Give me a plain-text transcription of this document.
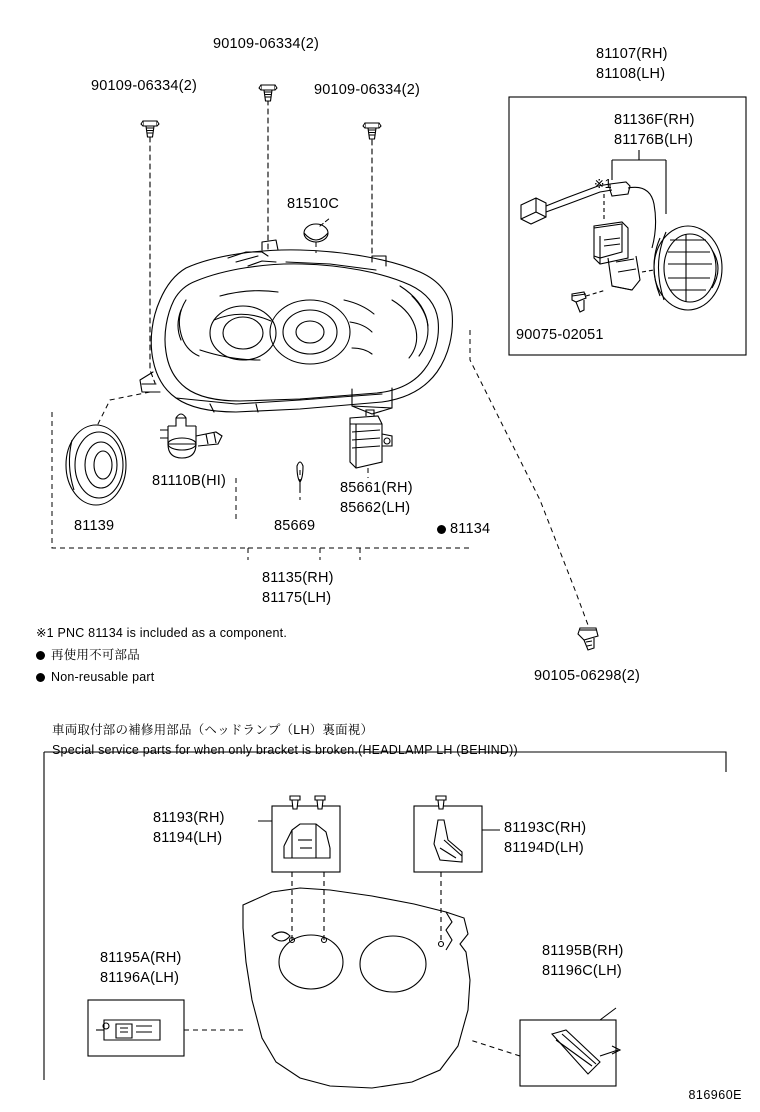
90109-06334(2)
90109-06334(2)	90109-06334(2)
81510C
81107(RH)
81108(LH)
81136F(RH)
81176B(LH)
※1
90075-02051
81139
81110B(HI)
85669
85661(RH)
85662(LH)
81134
81135(RH)
81175(LH)
90105-06298(2)
※1 PNC 81134 is included as a component.
再使用不可部品
Non-reusable part
車両取付部の補修用部品（ヘッドランプ（LH）裏面視）
Special service parts for when only bracket is broken.(HEADLAMP LH (BEHIND))
81193(RH)
81194(LH)
81193C(RH)
81194D(LH)
81195A(RH)
81196A(LH)
81195B(RH)
81196C(LH)
816960E
